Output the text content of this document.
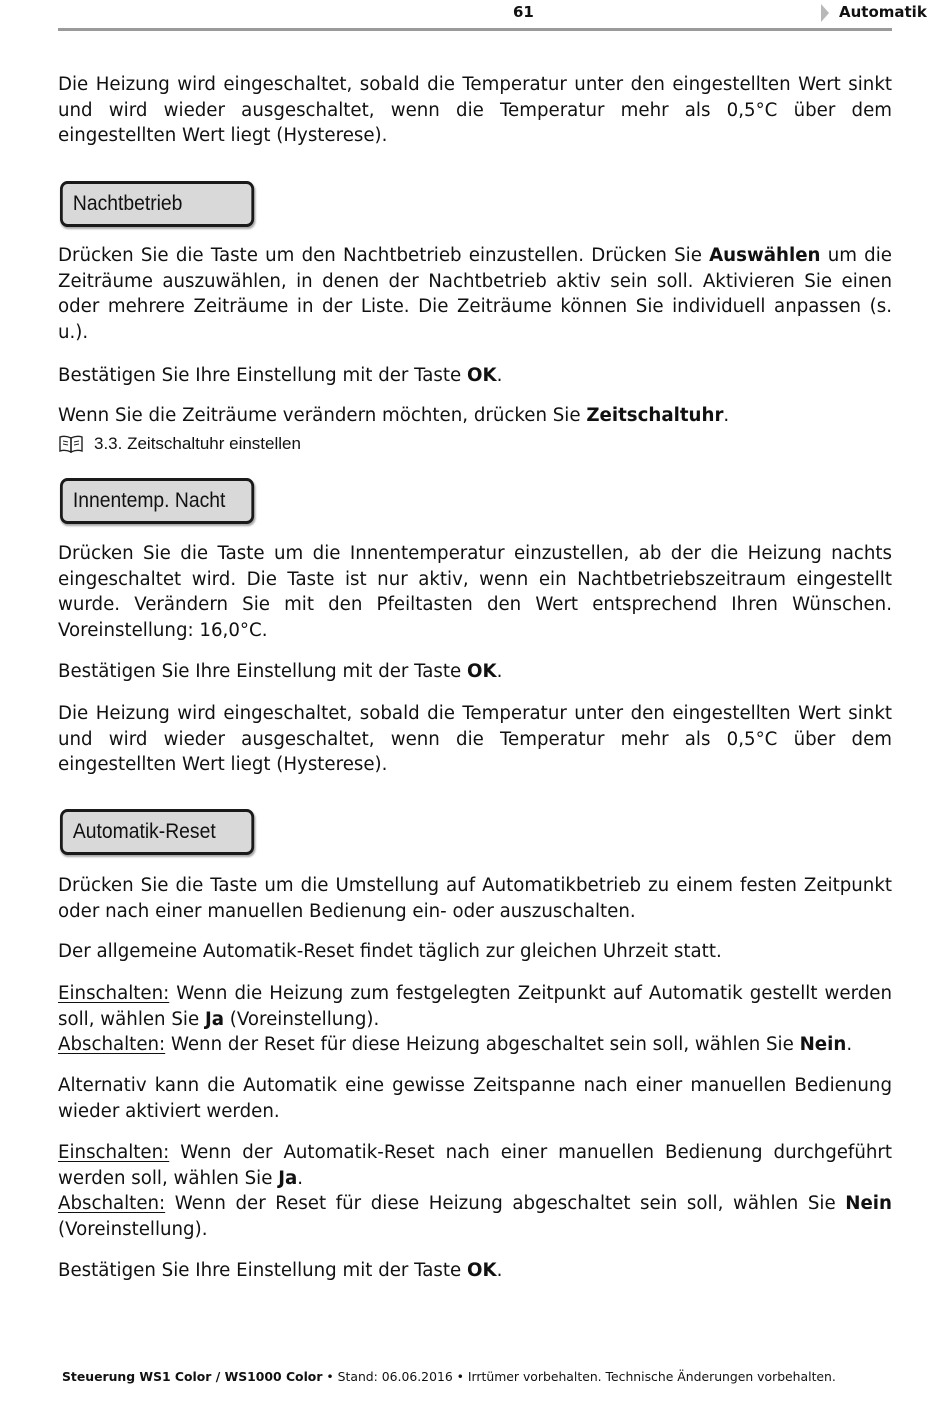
61	Automatik

Die Heizung wird eingeschaltet, sobald die Temperatur unter den eingestellten Wert sinkt und wird wieder ausgeschaltet, wenn die Temperatur mehr als 0,5°C über dem eingestellten Wert liegt (Hysterese).

Nachtbetrieb

Drücken Sie die Taste um den Nachtbetrieb einzustellen. Drücken Sie Auswählen um die Zeiträume auszuwählen, in denen der Nachtbetrieb aktiv sein soll. Aktivieren Sie einen oder mehrere Zeiträume in der Liste. Die Zeiträume können Sie individuell anpassen (s. u.).

Bestätigen Sie Ihre Einstellung mit der Taste OK.

Wenn Sie die Zeiträume verändern möchten, drücken Sie Zeitschaltuhr.

3.3. Zeitschaltuhr einstellen
Innentemp. Nacht

Drücken Sie die Taste um die Innentemperatur einzustellen, ab der die Heizung nachts eingeschaltet wird. Die Taste ist nur aktiv, wenn ein Nachtbetriebszeitraum eingestellt wurde. Verändern Sie mit den Pfeiltasten den Wert entsprechend Ihren Wünschen. Voreinstellung: 16,0°C.

Bestätigen Sie Ihre Einstellung mit der Taste OK.

Die Heizung wird eingeschaltet, sobald die Temperatur unter den eingestellten Wert sinkt und wird wieder ausgeschaltet, wenn die Temperatur mehr als 0,5°C über dem eingestellten Wert liegt (Hysterese).

Automatik-Reset

Drücken Sie die Taste um die Umstellung auf Automatikbetrieb zu einem festen Zeitpunkt oder nach einer manuellen Bedienung ein- oder auszuschalten.

Der allgemeine Automatik-Reset findet täglich zur gleichen Uhrzeit statt.

Einschalten: Wenn die Heizung zum festgelegten Zeitpunkt auf Automatik gestellt werden soll, wählen Sie Ja (Voreinstellung).
Abschalten: Wenn der Reset für diese Heizung abgeschaltet sein soll, wählen Sie Nein.

Alternativ kann die Automatik eine gewisse Zeitspanne nach einer manuellen Bedienung wieder aktiviert werden.

Einschalten: Wenn der Automatik-Reset nach einer manuellen Bedienung durchgeführt werden soll, wählen Sie Ja.
Abschalten: Wenn der Reset für diese Heizung abgeschaltet sein soll, wählen Sie Nein (Voreinstellung).

Bestätigen Sie Ihre Einstellung mit der Taste OK.

Steuerung WS1 Color / WS1000 Color • Stand: 06.06.2016 • Irrtümer vorbehalten. Technische Änderungen vorbehalten.
